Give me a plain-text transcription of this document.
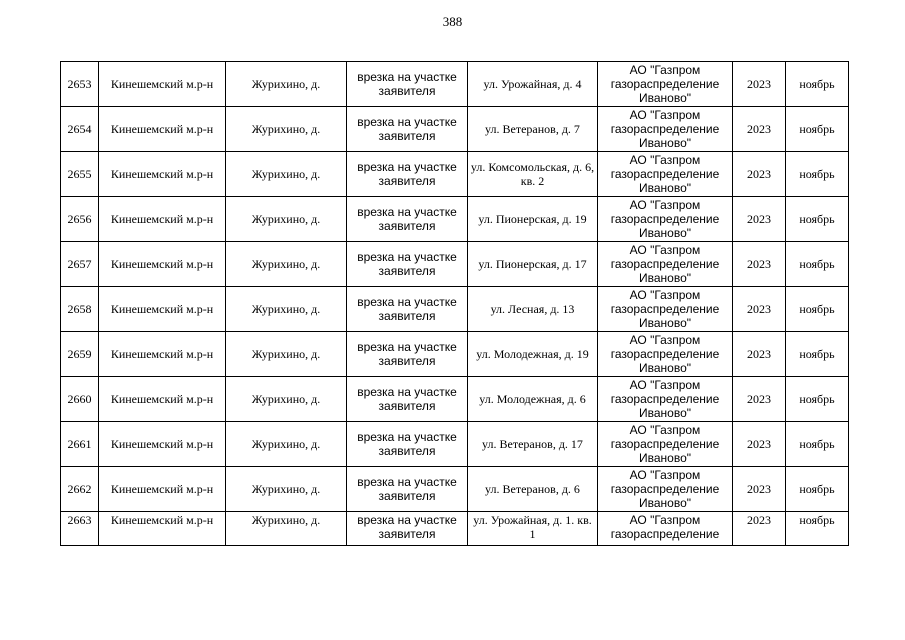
388
2653	Кинешемский м.р-н	Журихино, д.	врезка на участке заявителя	ул. Урожайная, д. 4	АО "Газпром газораспределение Иваново"	2023	ноябрь
2654	Кинешемский м.р-н	Журихино, д.	врезка на участке заявителя	ул. Ветеранов, д. 7	АО "Газпром газораспределение Иваново"	2023	ноябрь
2655	Кинешемский м.р-н	Журихино, д.	врезка на участке заявителя	ул. Комсомольская, д. 6, кв. 2	АО "Газпром газораспределение Иваново"	2023	ноябрь
2656	Кинешемский м.р-н	Журихино, д.	врезка на участке заявителя	ул. Пионерская, д. 19	АО "Газпром газораспределение Иваново"	2023	ноябрь
2657	Кинешемский м.р-н	Журихино, д.	врезка на участке заявителя	ул. Пионерская, д. 17	АО "Газпром газораспределение Иваново"	2023	ноябрь
2658	Кинешемский м.р-н	Журихино, д.	врезка на участке заявителя	ул. Лесная, д. 13	АО "Газпром газораспределение Иваново"	2023	ноябрь
2659	Кинешемский м.р-н	Журихино, д.	врезка на участке заявителя	ул. Молодежная, д. 19	АО "Газпром газораспределение Иваново"	2023	ноябрь
2660	Кинешемский м.р-н	Журихино, д.	врезка на участке заявителя	ул. Молодежная, д. 6	АО "Газпром газораспределение Иваново"	2023	ноябрь
2661	Кинешемский м.р-н	Журихино, д.	врезка на участке заявителя	ул. Ветеранов, д. 17	АО "Газпром газораспределение Иваново"	2023	ноябрь
2662	Кинешемский м.р-н	Журихино, д.	врезка на участке заявителя	ул. Ветеранов, д. 6	АО "Газпром газораспределение Иваново"	2023	ноябрь
2663	Кинешемский м.р-н	Журихино, д.	врезка на участке заявителя	ул. Урожайная, д. 1. кв. 1	АО "Газпром газораспределение	2023	ноябрь
